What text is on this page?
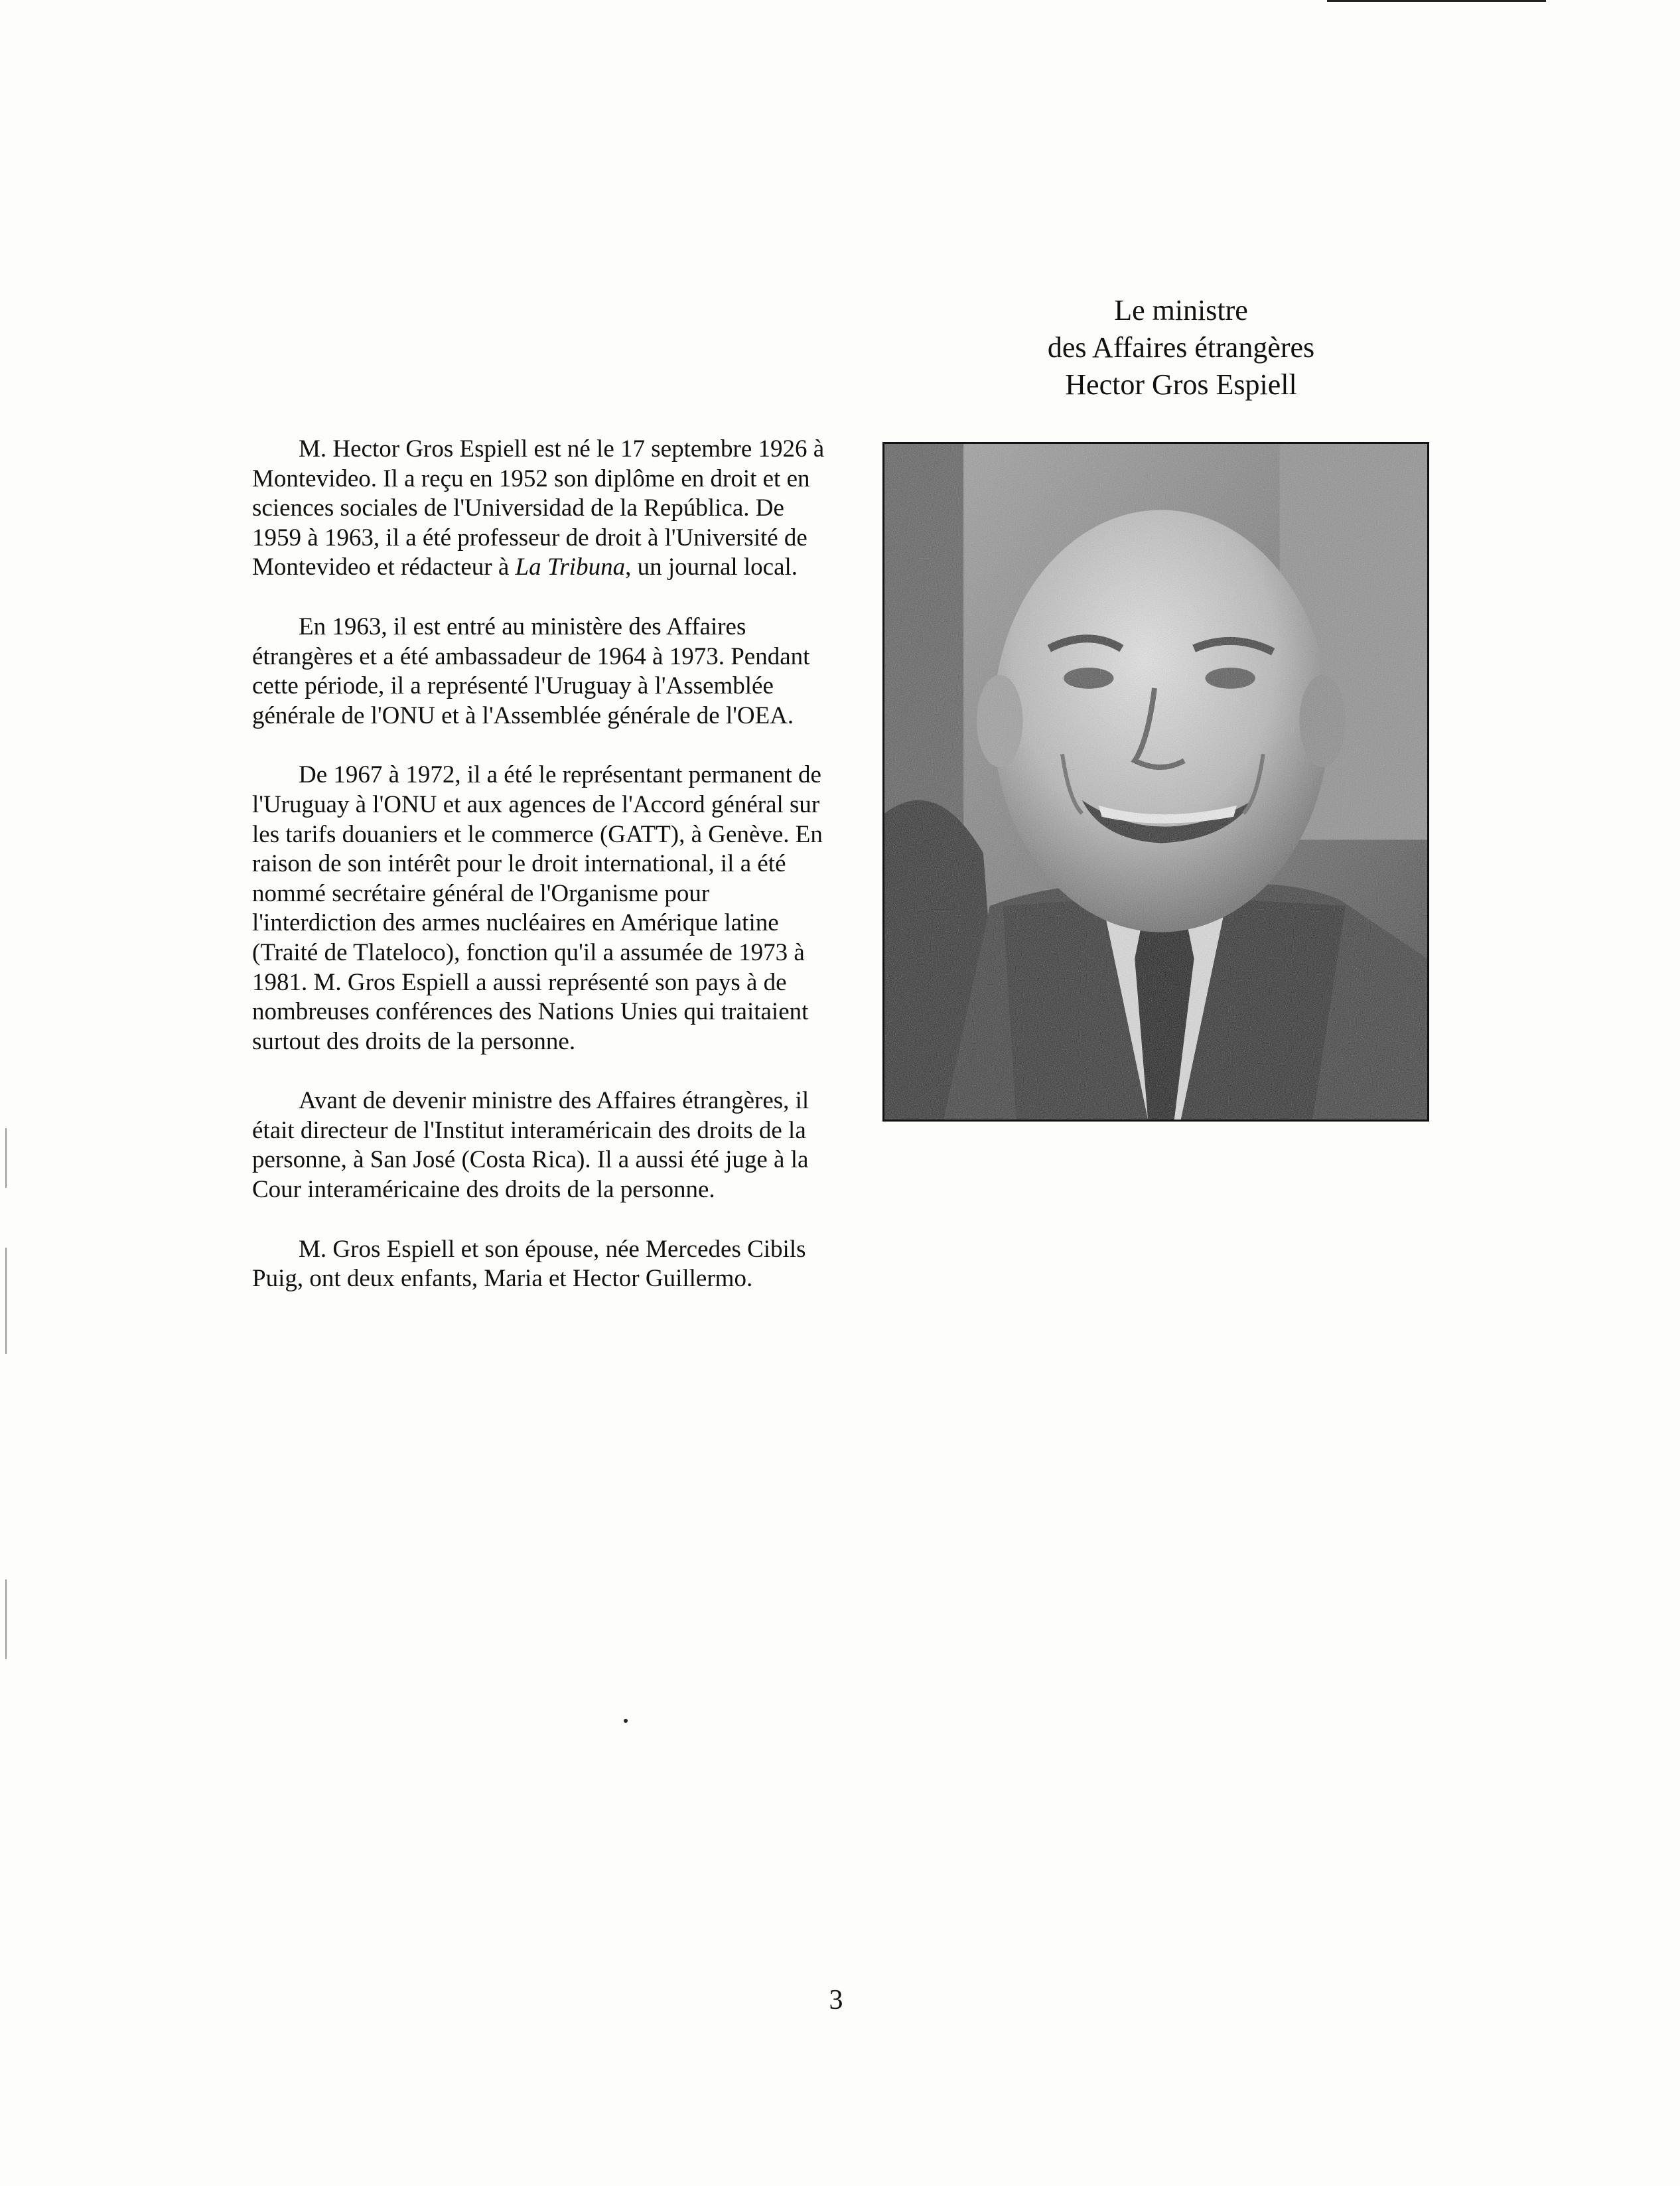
Le ministre
des Affaires étrangères
Hector Gros Espiell

M. Hector Gros Espiell est né le 17 septembre 1926 à Montevideo. Il a reçu en 1952 son diplôme en droit et en sciences sociales de l'Universidad de la República. De 1959 à 1963, il a été professeur de droit à l'Université de Montevideo et rédacteur à La Tribuna, un journal local.

En 1963, il est entré au ministère des Affaires étrangères et a été ambassadeur de 1964 à 1973. Pendant cette période, il a représenté l'Uruguay à l'Assemblée générale de l'ONU et à l'Assemblée générale de l'OEA.

De 1967 à 1972, il a été le représentant permanent de l'Uruguay à l'ONU et aux agences de l'Accord général sur les tarifs douaniers et le commerce (GATT), à Genève. En raison de son intérêt pour le droit international, il a été nommé secrétaire général de l'Organisme pour l'interdiction des armes nucléaires en Amérique latine (Traité de Tlateloco), fonction qu'il a assumée de 1973 à 1981. M. Gros Espiell a aussi représenté son pays à de nombreuses conférences des Nations Unies qui traitaient surtout des droits de la personne.

Avant de devenir ministre des Affaires étrangères, il était directeur de l'Institut interaméricain des droits de la personne, à San José (Costa Rica). Il a aussi été juge à la Cour interaméricaine des droits de la personne.

M. Gros Espiell et son épouse, née Mercedes Cibils Puig, ont deux enfants, Maria et Hector Guillermo.

3
